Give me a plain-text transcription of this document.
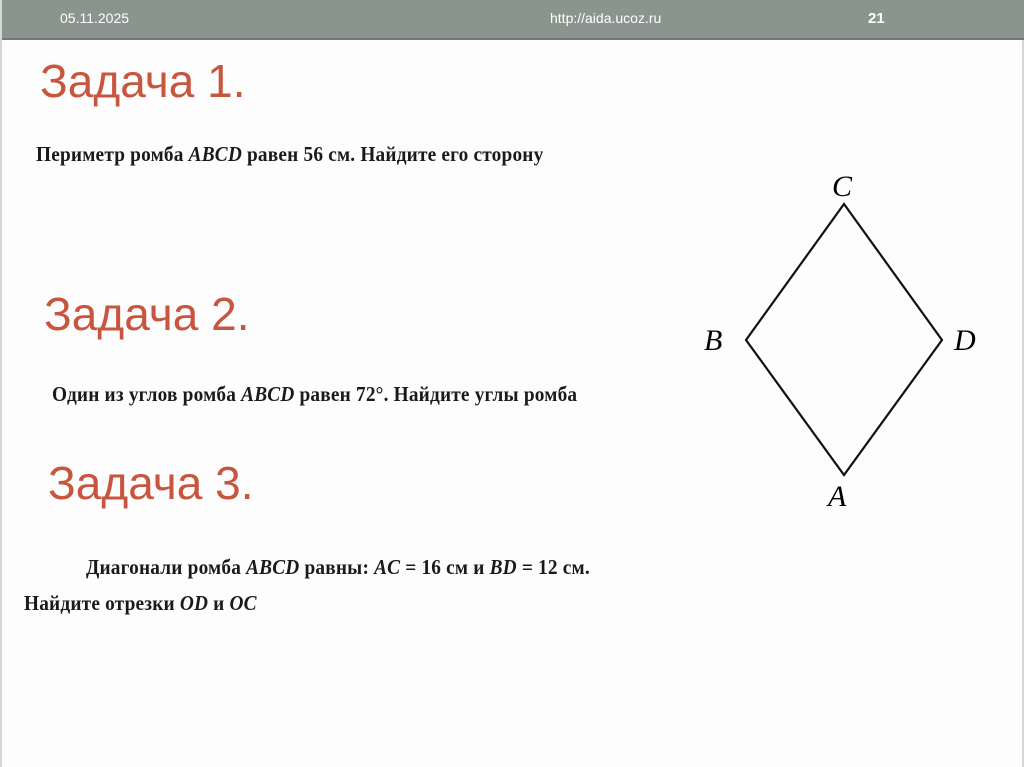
05.11.2025	http://aida.ucoz.ru	21
Задача 1.
Периметр ромба ABCD равен 56 см. Найдите его сторону
Задача 2.
Один из углов ромба ABCD равен 72°. Найдите углы ромба
Задача 3.
Диагонали ромба ABCD равны: AC = 16 см и BD = 12 см.
Найдите отрезки OD и OC
C
B	D
A
